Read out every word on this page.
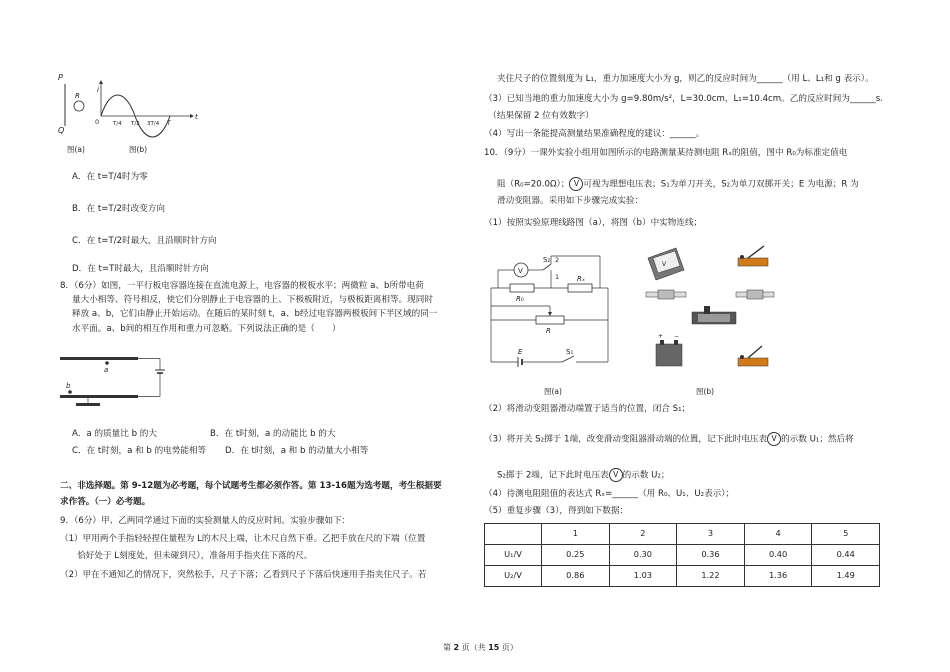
P
Q
R
i
t
0	T/4 T/2 3T/4 T
图(a)	图(b)
A．在 t=T/4时为零
B．在 t=T/2时改变方向
C．在 t=T/2时最大，且沿顺时针方向
D．在 t=T时最大，且沿顺时针方向
8．（6分）如图，一平行板电容器连接在直流电源上，电容器的极板水平；两微粒 a、b所带电荷
量大小相等、符号相反，使它们分别静止于电容器的上、下极板附近，与极板距离相等。现同时
释放 a、b，它们由静止开始运动。在随后的某时刻 t，a、b经过电容器两极板间下半区域的同一
水平面。a、b间的相互作用和重力可忽略。下列说法正确的是（　　）
a
b
A．a 的质量比 b 的大	B．在 t时刻，a 的动能比 b 的大
C．在 t时刻，a 和 b 的电势能相等 D．在 t时刻，a 和 b 的动量大小相等
二、非选择题。第 9-12题为必考题，每个试题考生都必须作答。第 13-16题为选考题，考生根据要
求作答。（一）必考题。
9．（6分）甲、乙两同学通过下面的实验测量人的反应时间。实验步骤如下：
（1）甲用两个手指轻轻捏住量程为 L的木尺上端，让木尺自然下垂。乙把手放在尺的下端（位置
　　恰好处于 L刻度处，但未碰到尺），准备用手指夹住下落的尺。
（2）甲在不通知乙的情况下，突然松手，尺子下落；乙看到尺子下落后快速用手指夹住尺子。若
夹住尺子的位置刻度为 L₁，重力加速度大小为 g，则乙的反应时间为______（用 L、L₁和 g 表示）。
（3）已知当地的重力加速度大小为 g=9.80m/s²，L=30.0cm，L₁=10.4cm。乙的反应时间为______s.
　（结果保留 2 位有效数字）
（4）写出一条能提高测量结果准确程度的建议：______。
10．（9分）一课外实验小组用如图所示的电路测量某待测电阻 Rₓ的阻值，图中 R₀为标准定值电
阻（R₀=20.0Ω）； V 可视为理想电压表；S₁为单刀开关，S₂为单刀双掷开关；E 为电源；R 为
滑动变阻器。采用如下步骤完成实验：
（1）按照实验原理线路图（a），将图（b）中实物连线；
V
S₂ 2
1
R₀
Rₓ
R
E	S₁
图(a)
V
+ −
图(b)
（2）将滑动变阻器滑动端置于适当的位置，闭合 S₁；
（3）将开关 S₂掷于 1端，改变滑动变阻器滑动端的位置，记下此时电压表 V 的示数 U₁；然后将
S₂掷于 2端，记下此时电压表 V 的示数 U₂；
（4）待测电阻阻值的表达式 Rₓ=______（用 R₀、U₁、U₂表示）；
（5）重复步骤（3），得到如下数据：
	1	2	3	4	5
U₁/V	0.25	0.30	0.36	0.40	0.44
U₂/V	0.86	1.03	1.22	1.36	1.49
第 2 页（共 15 页）
